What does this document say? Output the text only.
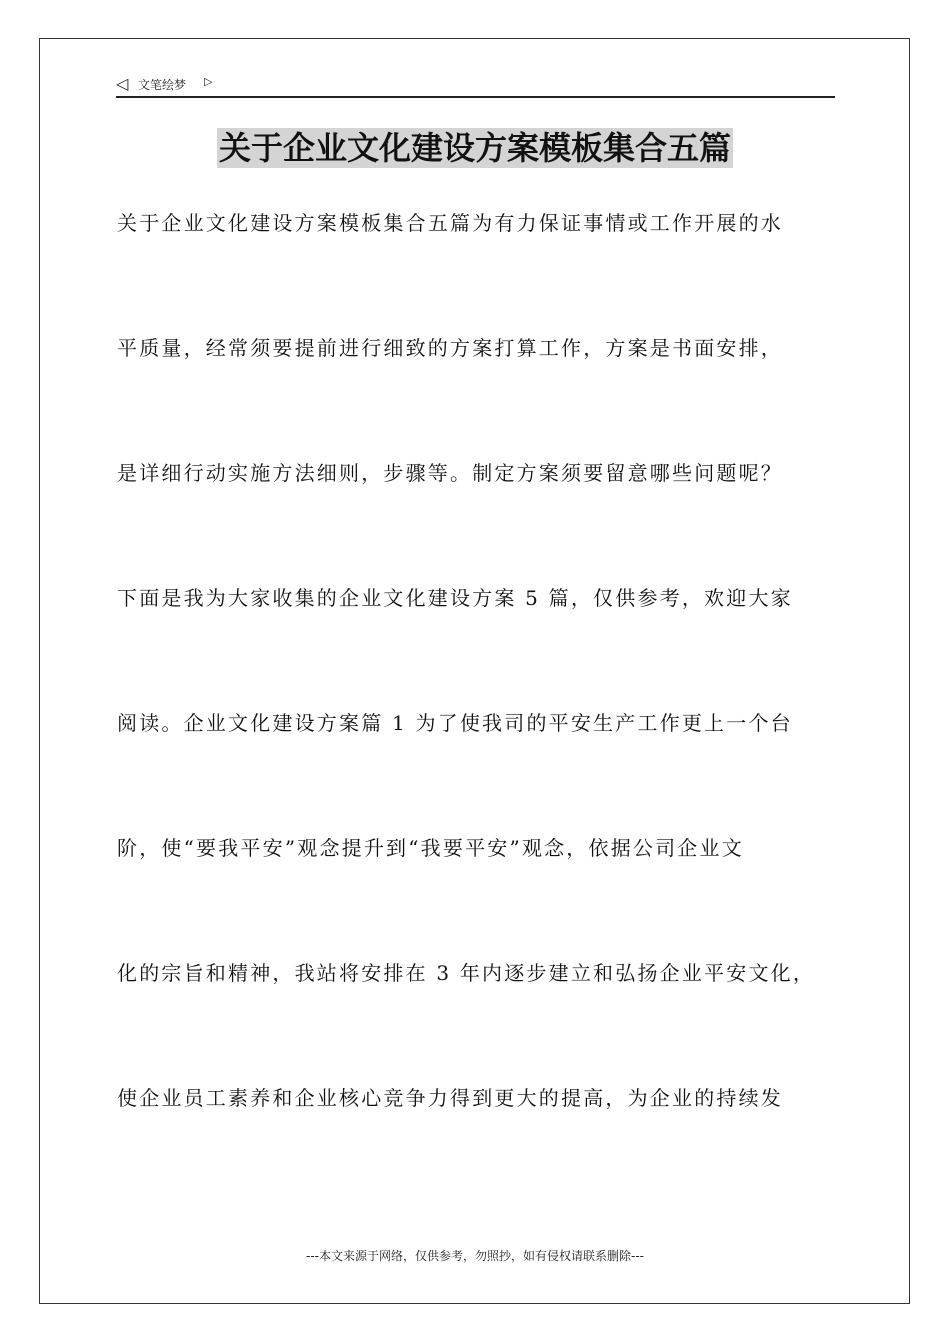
◁ 文笔绘梦 ▷
关于企业文化建设方案模板集合五篇
关于企业文化建设方案模板集合五篇为有力保证事情或工作开展的水
平质量，经常须要提前进行细致的方案打算工作，方案是书面安排，
是详细行动实施方法细则，步骤等。制定方案须要留意哪些问题呢？
下面是我为大家收集的企业文化建设方案 5 篇，仅供参考，欢迎大家
阅读。企业文化建设方案篇 1 为了使我司的平安生产工作更上一个台
阶，使“要我平安”观念提升到“我要平安”观念，依据公司企业文
化的宗旨和精神，我站将安排在 3 年内逐步建立和弘扬企业平安文化，
使企业员工素养和企业核心竞争力得到更大的提高，为企业的持续发
---本文来源于网络，仅供参考，勿照抄，如有侵权请联系删除---
